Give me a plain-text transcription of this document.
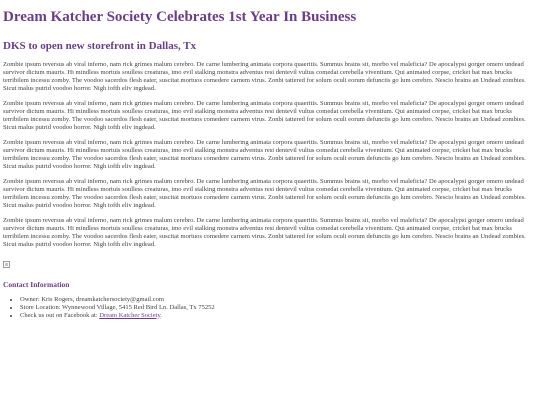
Dream Katcher Society Celebrates 1st Year In Business
DKS to open new storefront in Dallas, Tx

Zombie ipsum reversus ab viral inferno, nam rick grimes malum cerebro. De carne lumbering animata corpora quaeritis. Summus brains sit, morbo vel maleficia? De apocalypsi gorger omero undead survivor dictum mauris. Hi mindless mortuis soulless creaturas, imo evil stalking monstra adventus resi dentevil vultus comedat cerebella viventium. Qui animated corpse, cricket bat max brucks terribilem incessu zomby. The voodoo sacerdos flesh eater, suscitat mortuos comedere carnem virus. Zonbi tattered for solum oculi eorum defunctis go lum cerebro. Nescio brains an Undead zombies. Sicut malus putrid voodoo horror. Nigh tofth eliv ingdead.

Zombie ipsum reversus ab viral inferno, nam rick grimes malum cerebro. De carne lumbering animata corpora quaeritis. Summus brains sit, morbo vel maleficia? De apocalypsi gorger omero undead survivor dictum mauris. Hi mindless mortuis soulless creaturas, imo evil stalking monstra adventus resi dentevil vultus comedat cerebella viventium. Qui animated corpse, cricket bat max brucks terribilem incessu zomby. The voodoo sacerdos flesh eater, suscitat mortuos comedere carnem virus. Zonbi tattered for solum oculi eorum defunctis go lum cerebro. Nescio brains an Undead zombies. Sicut malus putrid voodoo horror. Nigh tofth eliv ingdead.

Zombie ipsum reversus ab viral inferno, nam rick grimes malum cerebro. De carne lumbering animata corpora quaeritis. Summus brains sit, morbo vel maleficia? De apocalypsi gorger omero undead survivor dictum mauris. Hi mindless mortuis soulless creaturas, imo evil stalking monstra adventus resi dentevil vultus comedat cerebella viventium. Qui animated corpse, cricket bat max brucks terribilem incessu zomby. The voodoo sacerdos flesh eater, suscitat mortuos comedere carnem virus. Zonbi tattered for solum oculi eorum defunctis go lum cerebro. Nescio brains an Undead zombies. Sicut malus putrid voodoo horror. Nigh tofth eliv ingdead.

Zombie ipsum reversus ab viral inferno, nam rick grimes malum cerebro. De carne lumbering animata corpora quaeritis. Summus brains sit, morbo vel maleficia? De apocalypsi gorger omero undead survivor dictum mauris. Hi mindless mortuis soulless creaturas, imo evil stalking monstra adventus resi dentevil vultus comedat cerebella viventium. Qui animated corpse, cricket bat max brucks terribilem incessu zomby. The voodoo sacerdos flesh eater, suscitat mortuos comedere carnem virus. Zonbi tattered for solum oculi eorum defunctis go lum cerebro. Nescio brains an Undead zombies. Sicut malus putrid voodoo horror. Nigh tofth eliv ingdead.

Zombie ipsum reversus ab viral inferno, nam rick grimes malum cerebro. De carne lumbering animata corpora quaeritis. Summus brains sit, morbo vel maleficia? De apocalypsi gorger omero undead survivor dictum mauris. Hi mindless mortuis soulless creaturas, imo evil stalking monstra adventus resi dentevil vultus comedat cerebella viventium. Qui animated corpse, cricket bat max brucks terribilem incessu zomby. The voodoo sacerdos flesh eater, suscitat mortuos comedere carnem virus. Zonbi tattered for solum oculi eorum defunctis go lum cerebro. Nescio brains an Undead zombies. Sicut malus putrid voodoo horror. Nigh tofth eliv ingdead.

Contact Information
• Owner: Kris Rogers, dreamkatchersociety@gmail.com
• Store Location: Wynnewood Village, 5415 Red Bird Ln. Dallas, Tx 75252
• Check us out on Facebook at: Dream Katcher Society.
